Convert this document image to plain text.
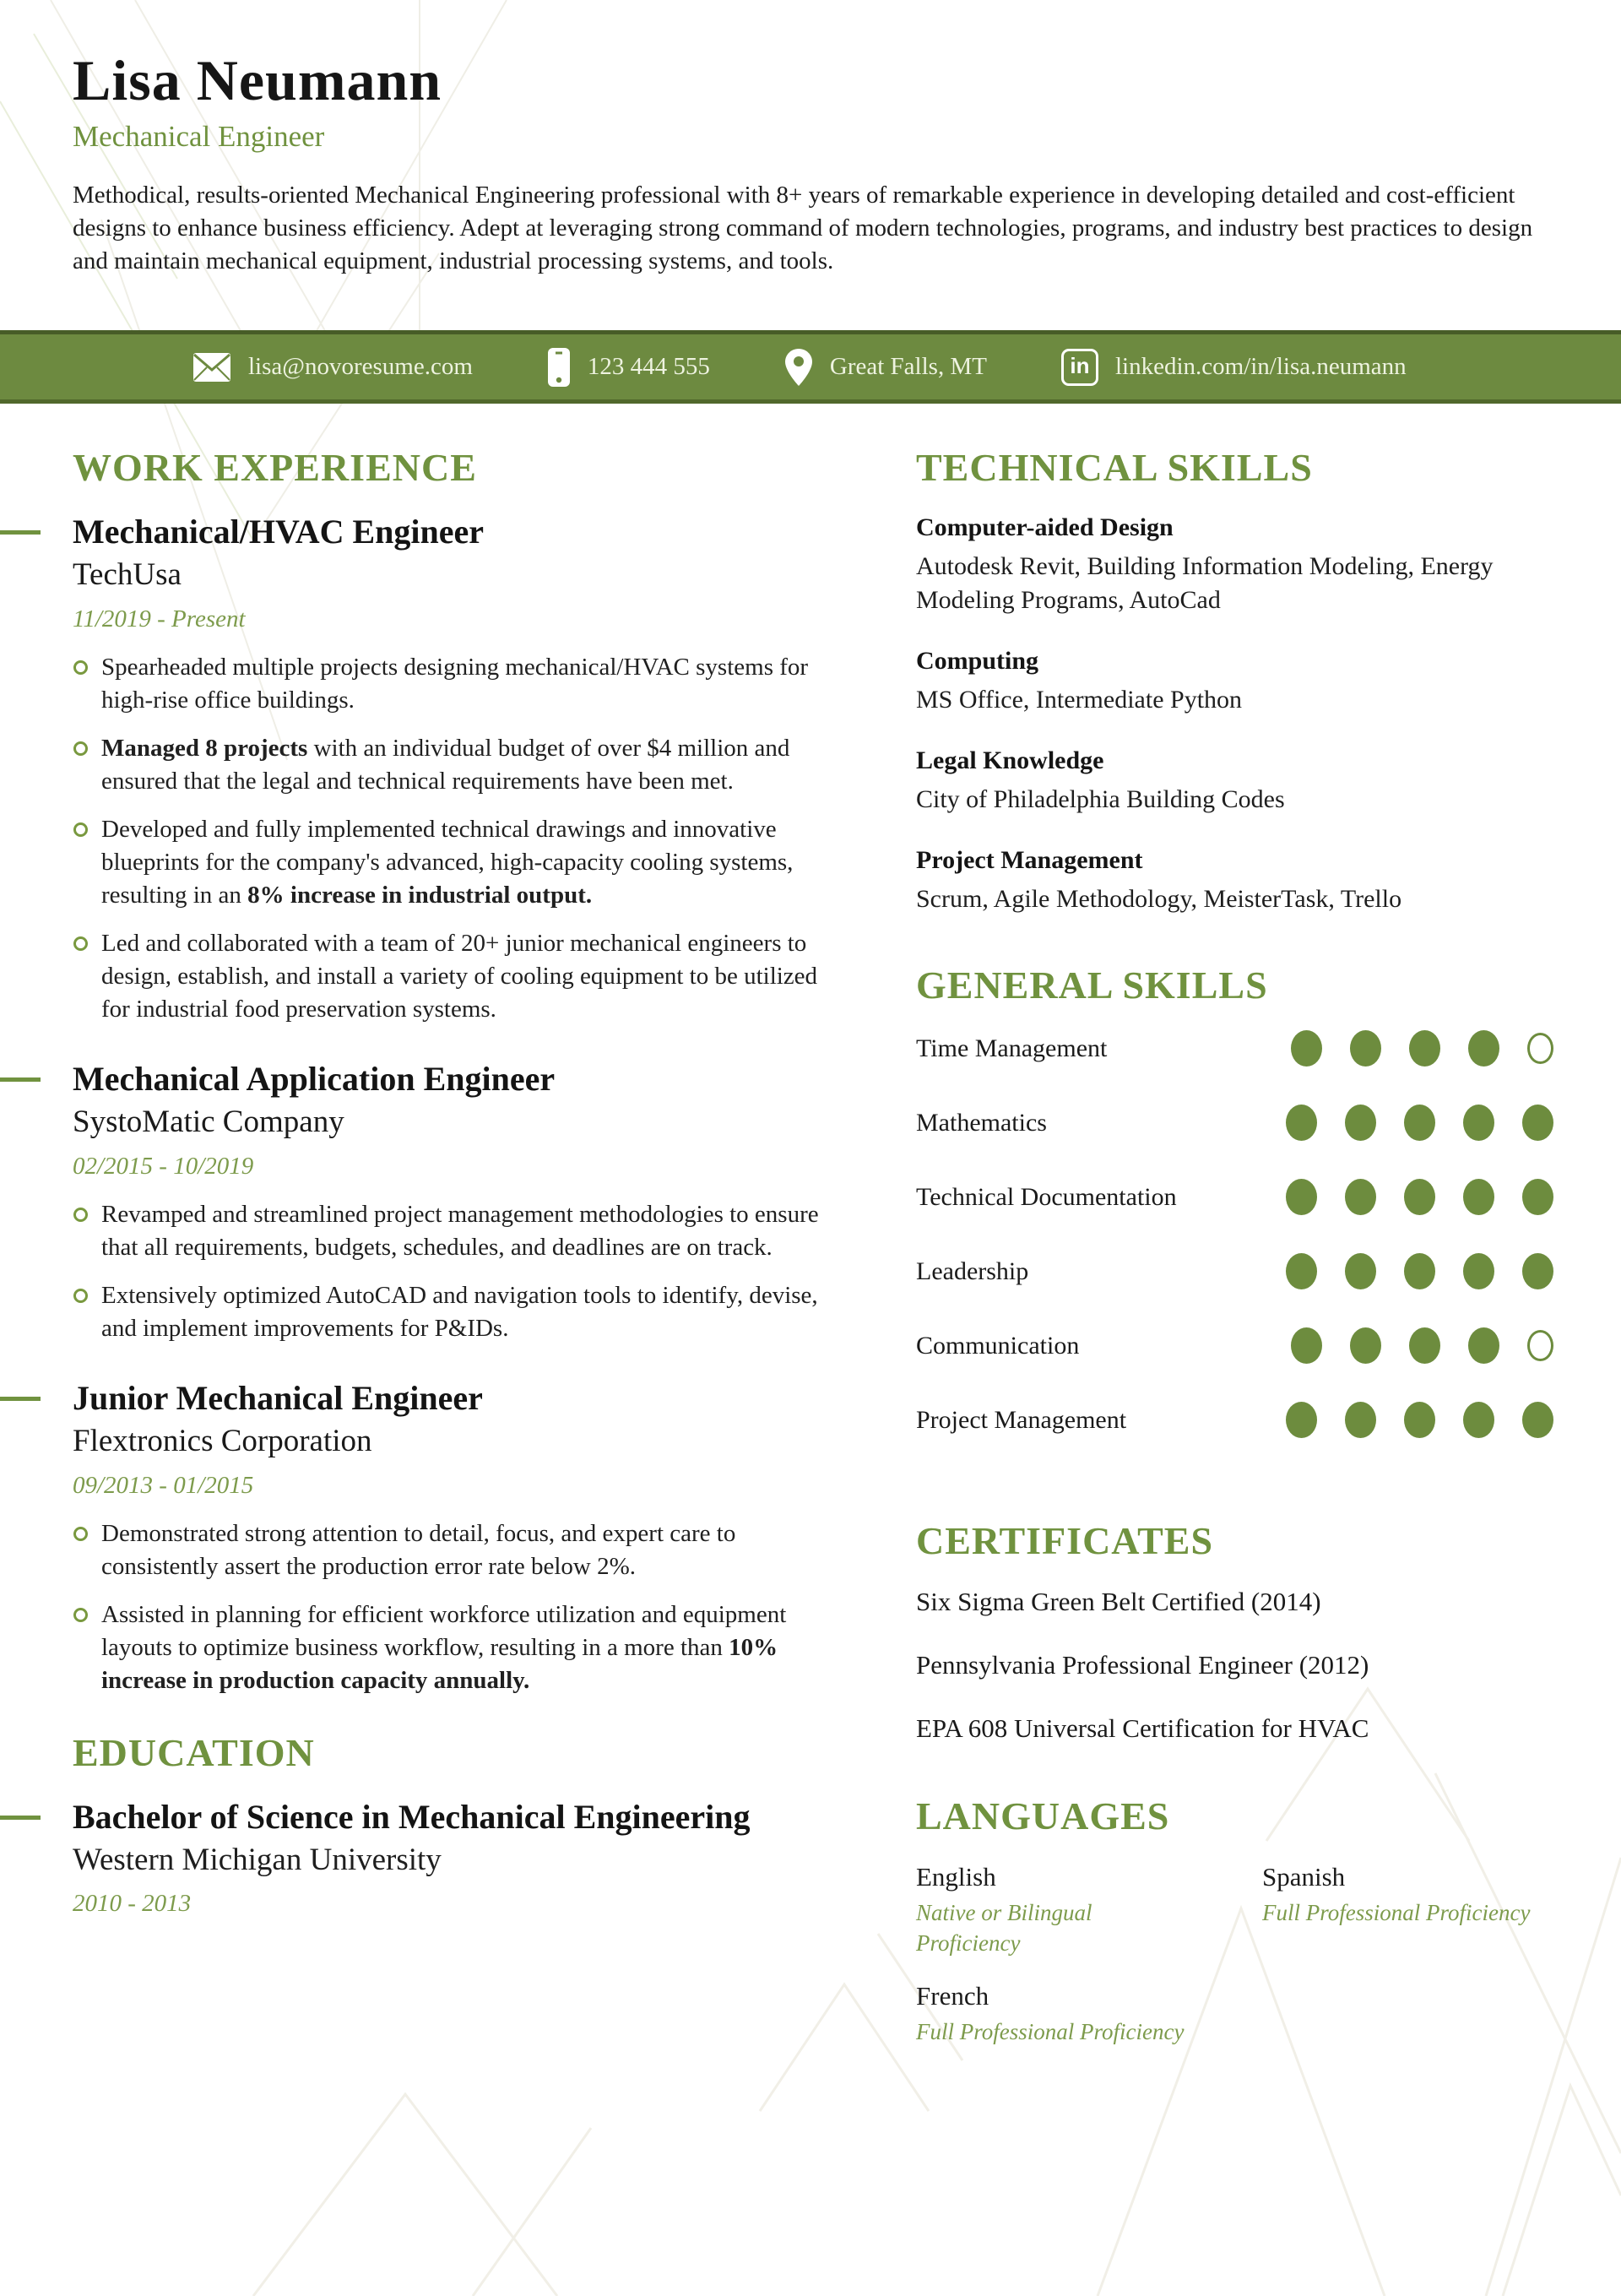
Lisa Neumann
Mechanical Engineer
Methodical, results-oriented Mechanical Engineering professional with 8+ years of remarkable experience in developing detailed and cost-efficient designs to enhance business efficiency. Adept at leveraging strong command of modern technologies, programs, and industry best practices to design and maintain mechanical equipment, industrial processing systems, and tools.
lisa@novoresume.com	123 444 555	Great Falls, MT	in	linkedin.com/in/lisa.neumann
WORK EXPERIENCE
Mechanical/HVAC Engineer
TechUsa
11/2019 - Present
Spearheaded multiple projects designing mechanical/HVAC systems for high-rise office buildings.
Managed 8 projects with an individual budget of over $4 million and ensured that the legal and technical requirements have been met.
Developed and fully implemented technical drawings and innovative blueprints for the company's advanced, high-capacity cooling systems, resulting in an 8% increase in industrial output.
Led and collaborated with a team of 20+ junior mechanical engineers to design, establish, and install a variety of cooling equipment to be utilized for industrial food preservation systems.
Mechanical Application Engineer
SystoMatic Company
02/2015 - 10/2019
Revamped and streamlined project management methodologies to ensure that all requirements, budgets, schedules, and deadlines are on track.
Extensively optimized AutoCAD and navigation tools to identify, devise, and implement improvements for P&IDs.
Junior Mechanical Engineer
Flextronics Corporation
09/2013 - 01/2015
Demonstrated strong attention to detail, focus, and expert care to consistently assert the production error rate below 2%.
Assisted in planning for efficient workforce utilization and equipment layouts to optimize business workflow, resulting in a more than 10% increase in production capacity annually.
EDUCATION
Bachelor of Science in Mechanical Engineering
Western Michigan University
2010 - 2013
TECHNICAL SKILLS
Computer-aided Design
Autodesk Revit, Building Information Modeling, Energy Modeling Programs, AutoCad
Computing
MS Office, Intermediate Python
Legal Knowledge
City of Philadelphia Building Codes
Project Management
Scrum, Agile Methodology, MeisterTask, Trello
GENERAL SKILLS
Time Management
Mathematics
Technical Documentation
Leadership
Communication
Project Management
CERTIFICATES
Six Sigma Green Belt Certified (2014)
Pennsylvania Professional Engineer (2012)
EPA 608 Universal Certification for HVAC
LANGUAGES
English
Native or Bilingual Proficiency
Spanish
Full Professional Proficiency
French
Full Professional Proficiency
